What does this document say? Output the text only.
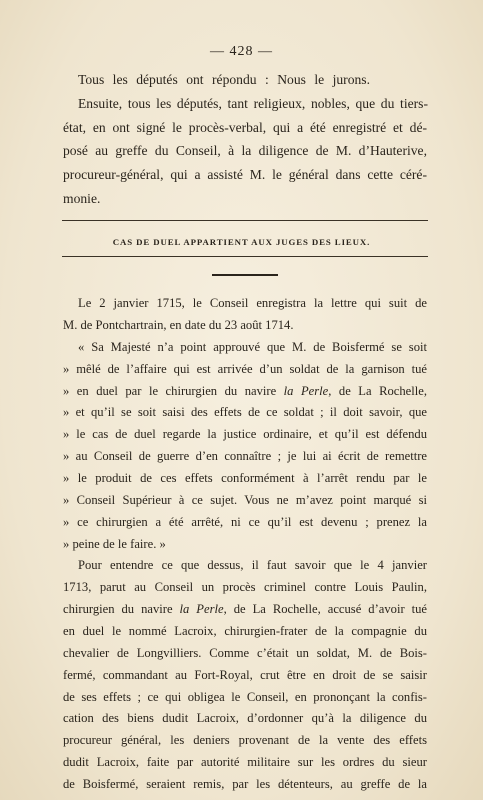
— 428 —
Tous les députés ont répondu : Nous le jurons.
Ensuite, tous les députés, tant religieux, nobles, que du tiers-
état, en ont signé le procès-verbal, qui a été enregistré et dé-
posé au greffe du Conseil, à la diligence de M. d’Hauterive,
procureur-général, qui a assisté M. le général dans cette céré-
monie.
CAS DE DUEL APPARTIENT AUX JUGES DES LIEUX.
Le 2 janvier 1715, le Conseil enregistra la lettre qui suit de
M. de Pontchartrain, en date du 23 août 1714.
« Sa Majesté n’a point approuvé que M. de Boisfermé se soit
» mêlé de l’affaire qui est arrivée d’un soldat de la garnison tué
» en duel par le chirurgien du navire la Perle, de La Rochelle,
» et qu’il se soit saisi des effets de ce soldat ; il doit savoir, que
» le cas de duel regarde la justice ordinaire, et qu’il est défendu
» au Conseil de guerre d’en connaître ; je lui ai écrit de remettre
» le produit de ces effets conformément à l’arrêt rendu par le
» Conseil Supérieur à ce sujet. Vous ne m’avez point marqué si
» ce chirurgien a été arrêté, ni ce qu’il est devenu ; prenez la
» peine de le faire. »
Pour entendre ce que dessus, il faut savoir que le 4 janvier
1713, parut au Conseil un procès criminel contre Louis Paulin,
chirurgien du navire la Perle, de La Rochelle, accusé d’avoir tué
en duel le nommé Lacroix, chirurgien-frater de la compagnie du
chevalier de Longvilliers. Comme c’était un soldat, M. de Bois-
fermé, commandant au Fort-Royal, crut être en droit de se saisir
de ses effets ; ce qui obligea le Conseil, en prononçant la confis-
cation des biens dudit Lacroix, d’ordonner qu’à la diligence du
procureur général, les deniers provenant de la vente des effets
dudit Lacroix, faite par autorité militaire sur les ordres du sieur
de Boisfermé, seraient remis, par les détenteurs, au greffe de la
